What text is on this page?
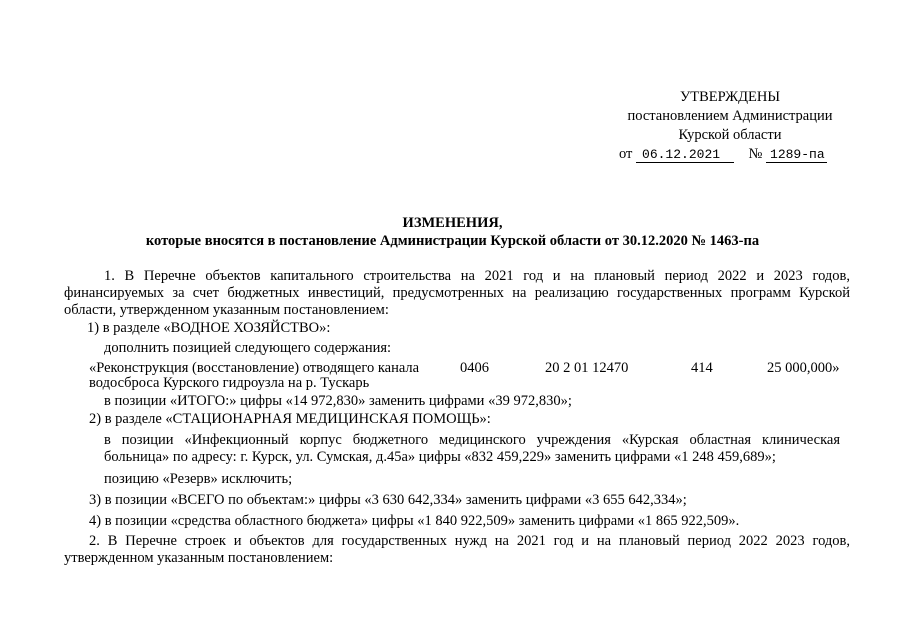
УТВЕРЖДЕНЫ
постановлением Администрации
Курской области
от 06.12.2021 № 1289-па
ИЗМЕНЕНИЯ,
которые вносятся в постановление Администрации Курской области от 30.12.2020 № 1463-па
1. В Перечне объектов капитального строительства на 2021 год и на плановый период 2022 и 2023 годов,
финансируемых за счет бюджетных инвестиций, предусмотренных на реализацию государственных программ Курской
области, утвержденном указанным постановлением:
1) в разделе «ВОДНОЕ ХОЗЯЙСТВО»:
дополнить позицией следующего содержания:
«Реконструкция (восстановление) отводящего канала	0406	20 2 01 12470	414	25 000,000»
водосброса Курского гидроузла на р. Тускарь
в позиции «ИТОГО:» цифры «14 972,830» заменить цифрами «39 972,830»;
2) в разделе «СТАЦИОНАРНАЯ МЕДИЦИНСКАЯ ПОМОЩЬ»:
в позиции «Инфекционный корпус бюджетного медицинского учреждения «Курская областная клиническая
больница» по адресу: г. Курск, ул. Сумская, д.45а» цифры «832 459,229» заменить цифрами «1 248 459,689»;
позицию «Резерв» исключить;
3) в позиции «ВСЕГО по объектам:» цифры «3 630 642,334» заменить цифрами «3 655 642,334»;
4) в позиции «средства областного бюджета» цифры «1 840 922,509» заменить цифрами «1 865 922,509».
2. В Перечне строек и объектов для государственных нужд на 2021 год и на плановый период 2022 2023 годов,
утвержденном указанным постановлением:
